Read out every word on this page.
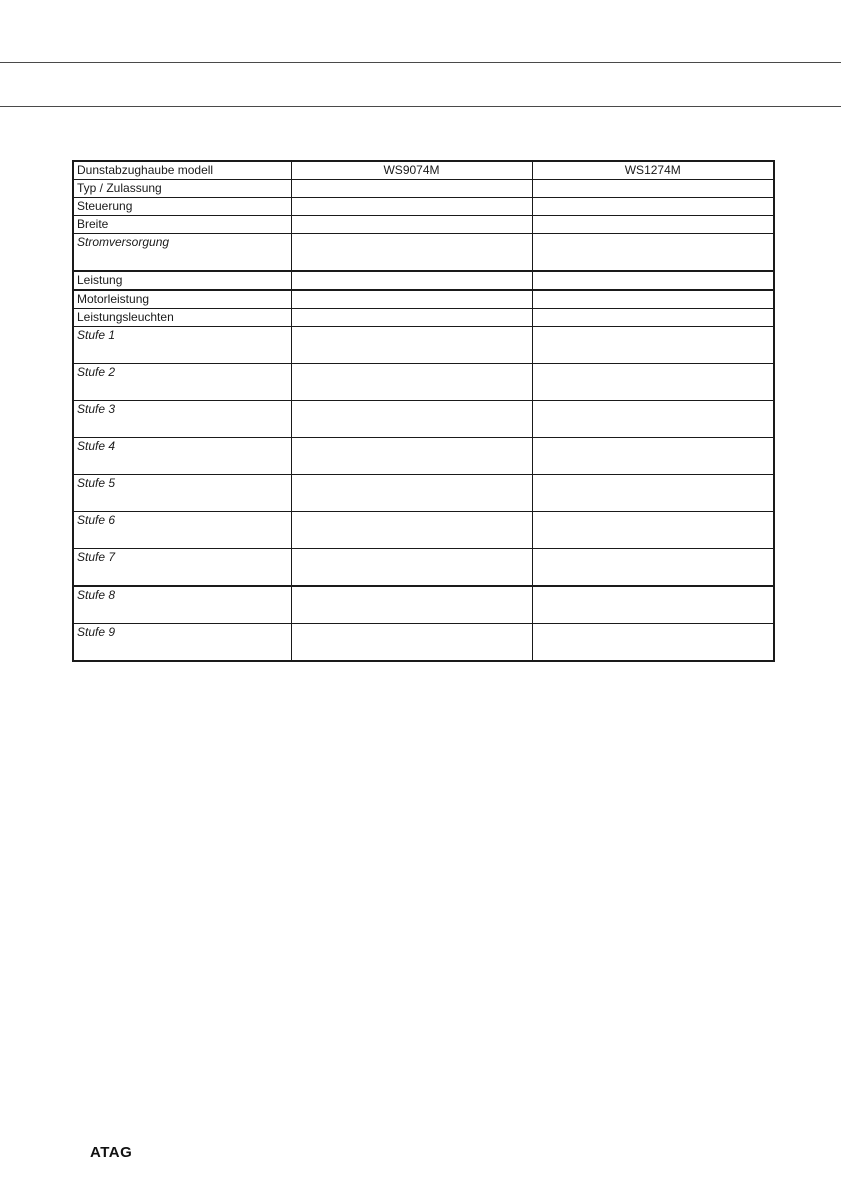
Dunstabzughaube modell	WS9074M	WS1274M
Typ / Zulassung		
Steuerung		
Breite		
Stromversorgung		
Leistung		
Motorleistung		
Leistungsleuchten		
Stufe 1		
Stufe 2		
Stufe 3		
Stufe 4		
Stufe 5		
Stufe 6		
Stufe 7		
Stufe 8		
Stufe 9		
ATAG
